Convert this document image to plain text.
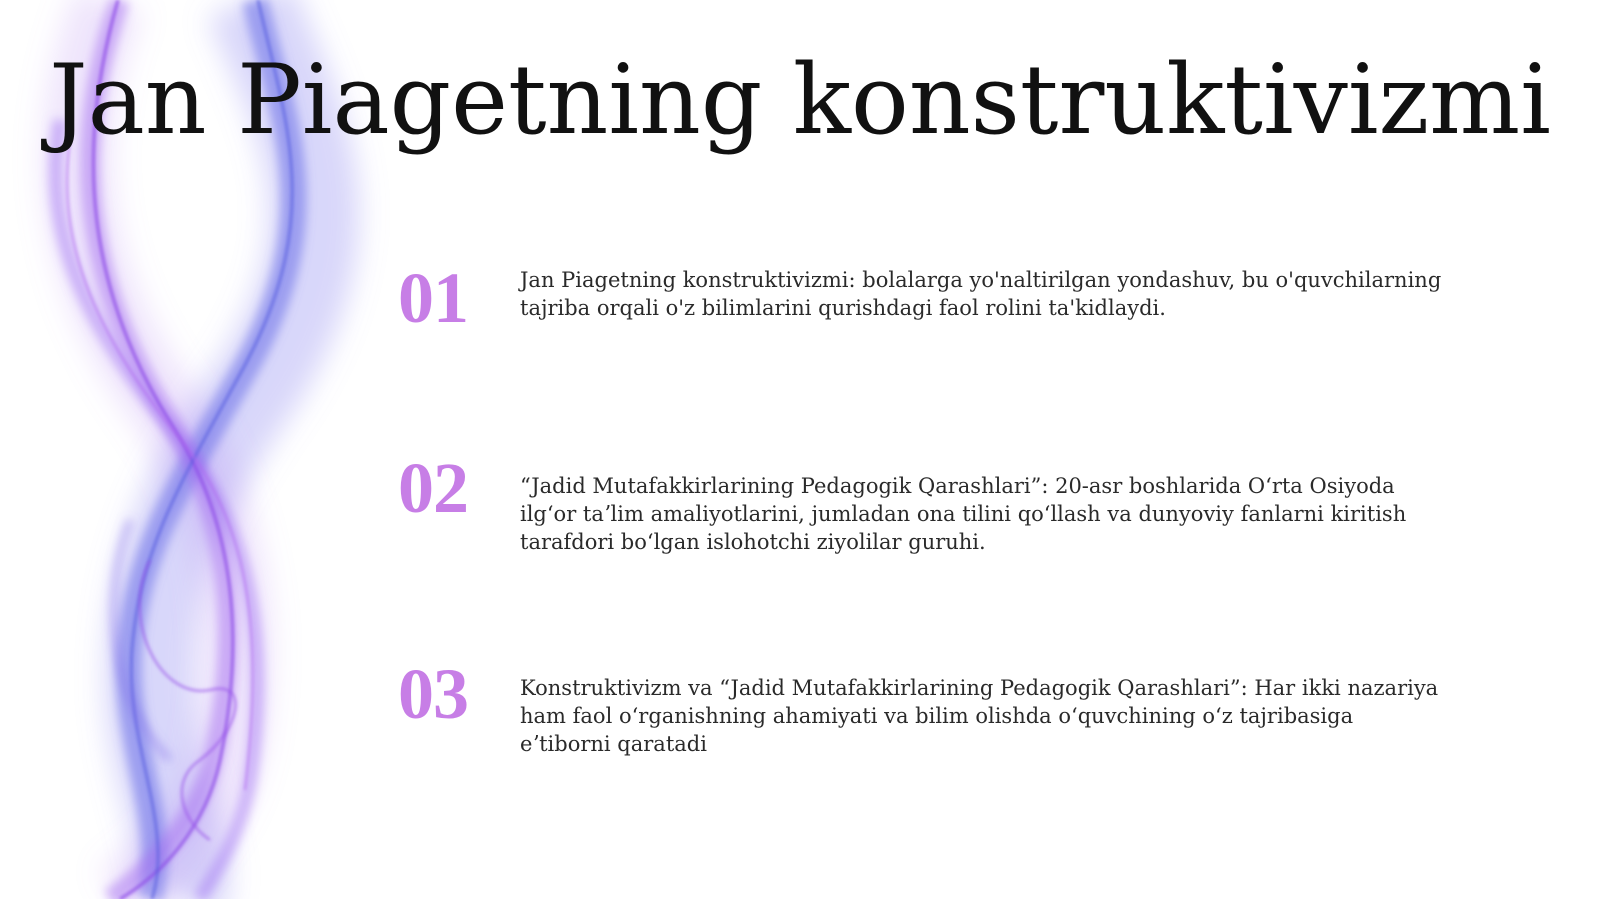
Jan Piagetning konstruktivizmi
01	Jan Piagetning konstruktivizmi: bolalarga yo'naltirilgan yondashuv, bu o'quvchilarning tajriba orqali o'z bilimlarini qurishdagi faol rolini ta'kidlaydi.
02	“Jadid Mutafakkirlarining Pedagogik Qarashlari”: 20-asr boshlarida Oʻrta Osiyoda ilgʻor taʼlim amaliyotlarini, jumladan ona tilini qoʻllash va dunyoviy fanlarni kiritish tarafdori boʻlgan islohotchi ziyolilar guruhi.
03	Konstruktivizm va “Jadid Mutafakkirlarining Pedagogik Qarashlari”: Har ikki nazariya ham faol oʻrganishning ahamiyati va bilim olishda oʻquvchining oʻz tajribasiga eʼtiborni qaratadi
